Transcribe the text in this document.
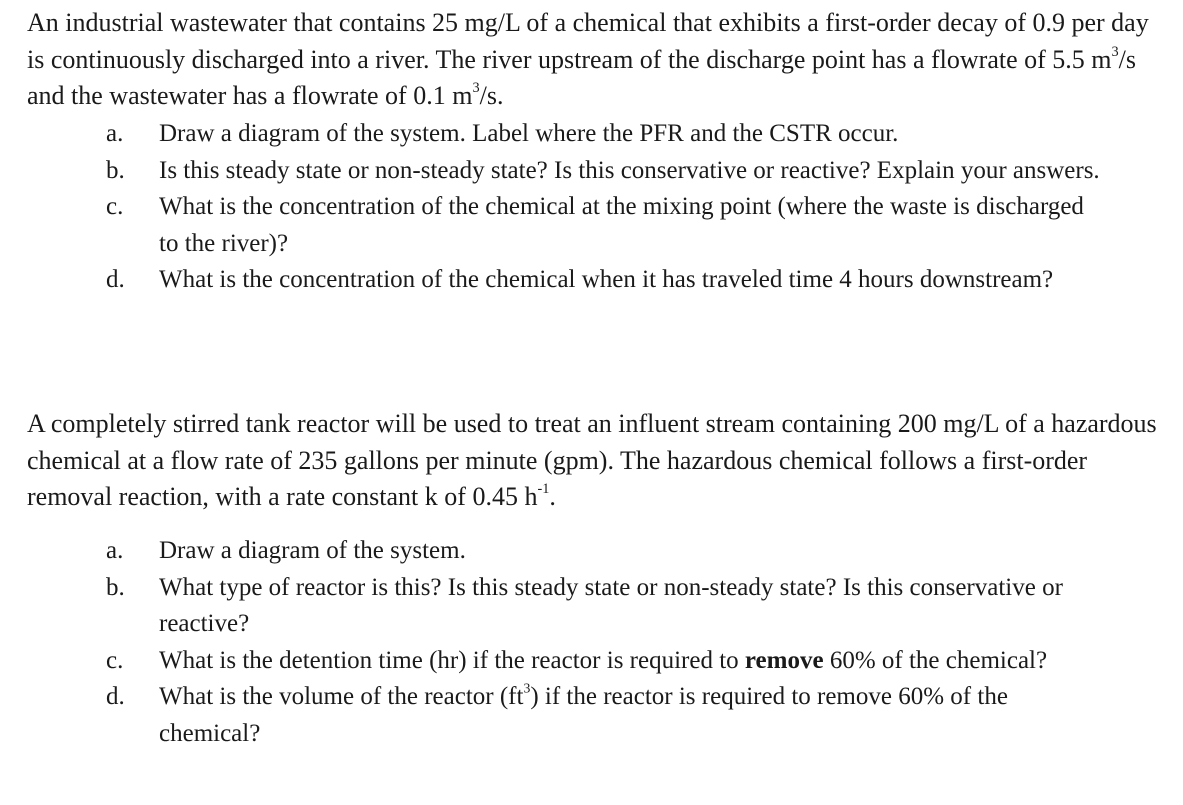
An industrial wastewater that contains 25 mg/L of a chemical that exhibits a first-order decay of 0.9 per day is continuously discharged into a river. The river upstream of the discharge point has a flowrate of 5.5 $m^3/s$ and the wastewater has a flowrate of 0.1 $m^3/s$.

a.	Draw a diagram of the system. Label where the PFR and the CSTR occur.
b.	Is this steady state or non-steady state? Is this conservative or reactive? Explain your answers.
c.	What is the concentration of the chemical at the mixing point (where the waste is discharged to the river)?
d.	What is the concentration of the chemical when it has traveled time 4 hours downstream?

A completely stirred tank reactor will be used to treat an influent stream containing 200 mg/L of a hazardous chemical at a flow rate of 235 gallons per minute (gpm). The hazardous chemical follows a first-order removal reaction, with a rate constant k of 0.45 $h^{-1}$.

a.	Draw a diagram of the system.
b.	What type of reactor is this? Is this steady state or non-steady state? Is this conservative or reactive?
c.	What is the detention time (hr) if the reactor is required to remove 60% of the chemical?
d.	What is the volume of the reactor $(ft^3)$ if the reactor is required to remove 60% of the chemical?
